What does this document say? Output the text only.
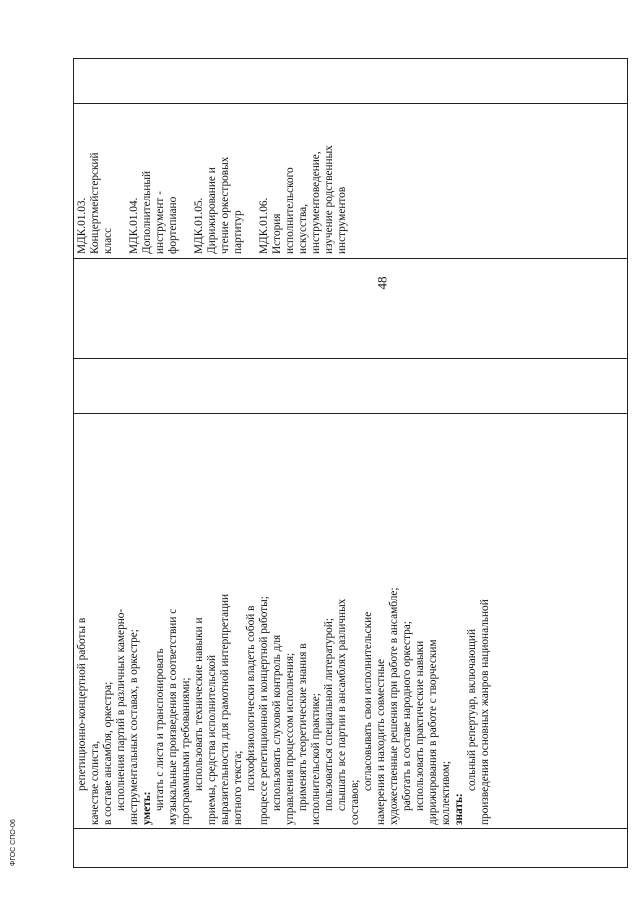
репетиционно-концертной работы в качестве солиста, в составе ансамбля, оркестра; исполнения партий в различных камерно- инструментальных составах, в оркестре; уметь: читать с листа и транспонировать музыкальные произведения в соответствии с программными требованиями; использовать технические навыки и приемы, средства исполнительской выразительности для грамотной интерпретации нотного текста; психофизиологически владеть собой в процессе репетиционной и концертной работы; использовать слуховой контроль для управления процессом исполнения; применять теоретические знания в исполнительской практике; пользоваться специальной литературой; слышать все партии в ансамблях различных составов;
согласовывать свои исполнительские намерения и находить совместные художественные решения при работе в ансамбле; работать в составе народного оркестра; использовать практические навыки дирижирования в работе с творческим коллективом; знать:
сольный репертуар, включающий произведения основных жанров национальной
МДК.01.03. Концертмейстерский класс
МДК.01.04. Дополнительный инструмент - фортепиано
МДК.01.05. Дирижирование и чтение оркестровых партитур
МДК.01.06. История исполнительского искусства, инструментоведение, изучение родственных инструментов
48
ФГОС СПО-06
